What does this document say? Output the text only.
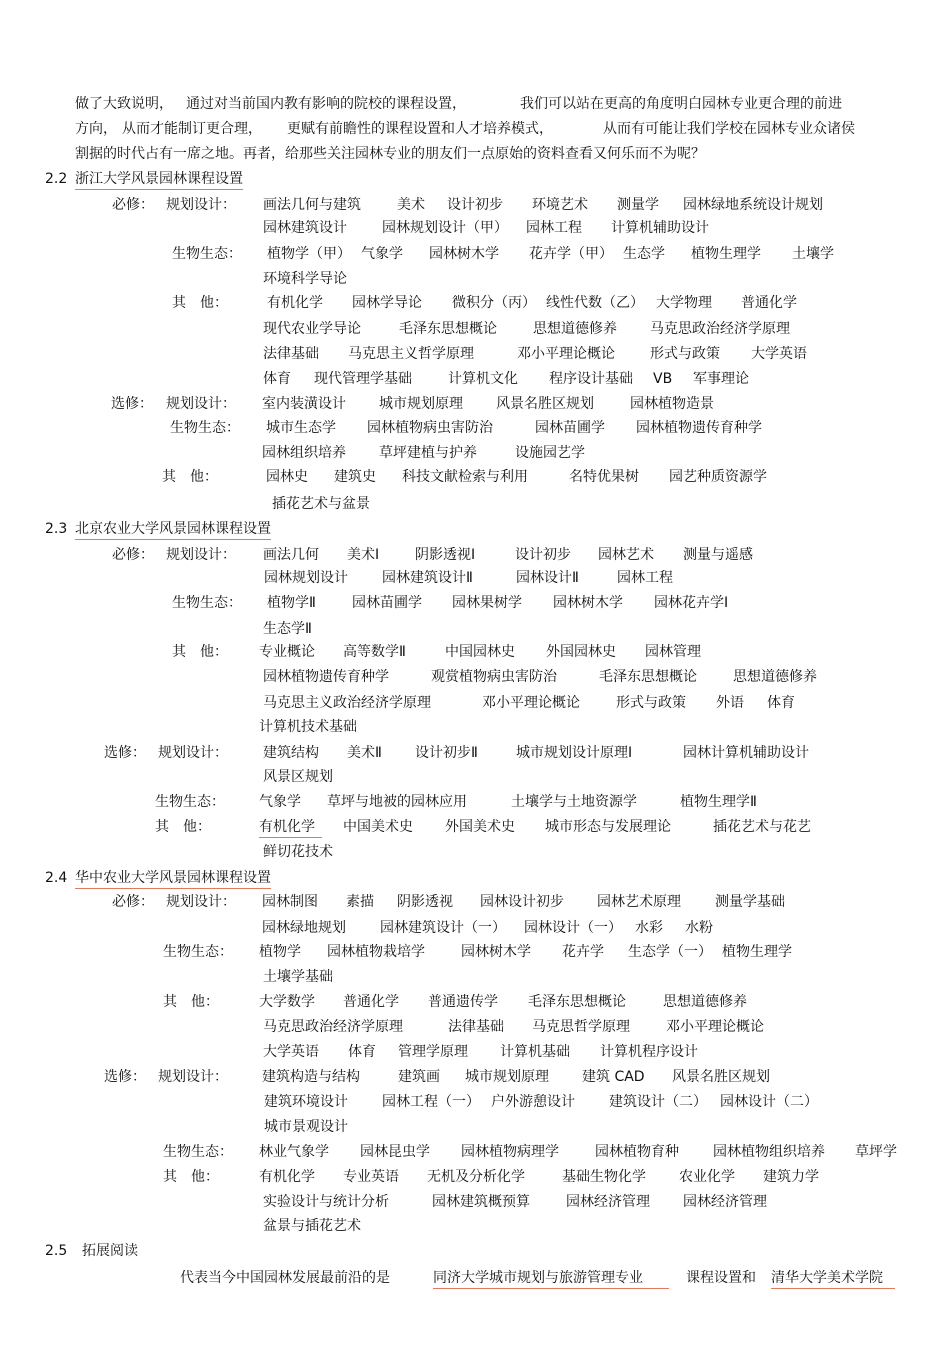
做了大致说明， 通过对当前国内教有影响的院校的课程设置，	我们可以站在更高的角度明白园林专业更合理的前进
方向， 从而才能制订更合理， 更赋有前瞻性的课程设置和人才培养模式，	从而有可能让我们学校在园林专业众诸侯
割据的时代占有一席之地。再者，给那些关注园林专业的朋友们一点原始的资料查看又何乐而不为呢？
2.2 浙江大学风景园林课程设置
必修： 规划设计： 画法几何与建筑	美术 设计初步 环境艺术 测量学 园林绿地系统设计规划
园林建筑设计	园林规划设计（甲） 园林工程 计算机辅助设计
生物生态： 植物学（甲） 气象学 园林树木学 花卉学（甲） 生态学 植物生理学 土壤学
环境科学导论
其　他：	有机化学 园林学导论 微积分（丙） 线性代数（乙） 大学物理 普通化学
现代农业学导论	毛泽东思想概论	思想道德修养 马克思政治经济学原理
法律基础 马克思主义哲学原理	邓小平理论概论	形式与政策 大学英语
体育 现代管理学基础	计算机文化 程序设计基础 VB 军事理论
选修： 规划设计： 室内装潢设计 城市规划原理 风景名胜区规划	园林植物造景
生物生态： 城市生态学 园林植物病虫害防治	园林苗圃学 园林植物遗传育种学
园林组织培养 草坪建植与护养	设施园艺学
其　他：	园林史 建筑史 科技文献检索与利用	名特优果树 园艺种质资源学
插花艺术与盆景
2.3 北京农业大学风景园林课程设置
必修： 规划设计： 画法几何 美术Ⅰ	阴影透视Ⅰ	设计初步 园林艺术 测量与遥感
园林规划设计 园林建筑设计Ⅱ	园林设计Ⅱ	园林工程
生物生态： 植物学Ⅱ	园林苗圃学 园林果树学 园林树木学 园林花卉学Ⅰ
生态学Ⅱ
其　他： 专业概论 高等数学Ⅱ	中国园林史 外国园林史 园林管理
园林植物遗传育种学	观赏植物病虫害防治	毛泽东思想概论	思想道德修养
马克思主义政治经济学原理	邓小平理论概论	形式与政策 外语 体育
计算机技术基础
选修： 规划设计：	建筑结构 美术Ⅱ 设计初步Ⅱ	城市规划设计原理Ⅰ	园林计算机辅助设计
风景区规划
生物生态： 气象学 草坪与地被的园林应用	土壤学与土地资源学	植物生理学Ⅱ
其　他：	有机化学	中国美术史 外国美术史 城市形态与发展理论	插花艺术与花艺
鲜切花技术
2.4 华中农业大学风景园林课程设置
必修： 规划设计： 园林制图 素描 阴影透视 园林设计初步 园林艺术原理 测量学基础
园林绿地规划 园林建筑设计（一） 园林设计（一） 水彩 水粉
生物生态： 植物学 园林植物栽培学	园林树木学 花卉学 生态学（一） 植物生理学
土壤学基础
其　他：	大学数学 普通化学 普通遗传学 毛泽东思想概论	思想道德修养
马克思政治经济学原理	法律基础 马克思哲学原理	邓小平理论概论
大学英语 体育 管理学原理 计算机基础 计算机程序设计
选修： 规划设计： 建筑构造与结构	建筑画 城市规划原理 建筑 CAD 风景名胜区规划
建筑环境设计 园林工程（一） 户外游憩设计 建筑设计（二） 园林设计（二）
城市景观设计
生物生态： 林业气象学 园林昆虫学 园林植物病理学	园林植物育种 园林植物组织培养 草坪学
其　他：	有机化学 专业英语 无机及分析化学	基础生物化学 农业化学 建筑力学
实验设计与统计分析	园林建筑概预算	园林经济管理 园林经济管理
盆景与插花艺术
2.5 拓展阅读
代表当今中国园林发展最前沿的是	同济大学城市规划与旅游管理专业	课程设置和 清华大学美术学院
